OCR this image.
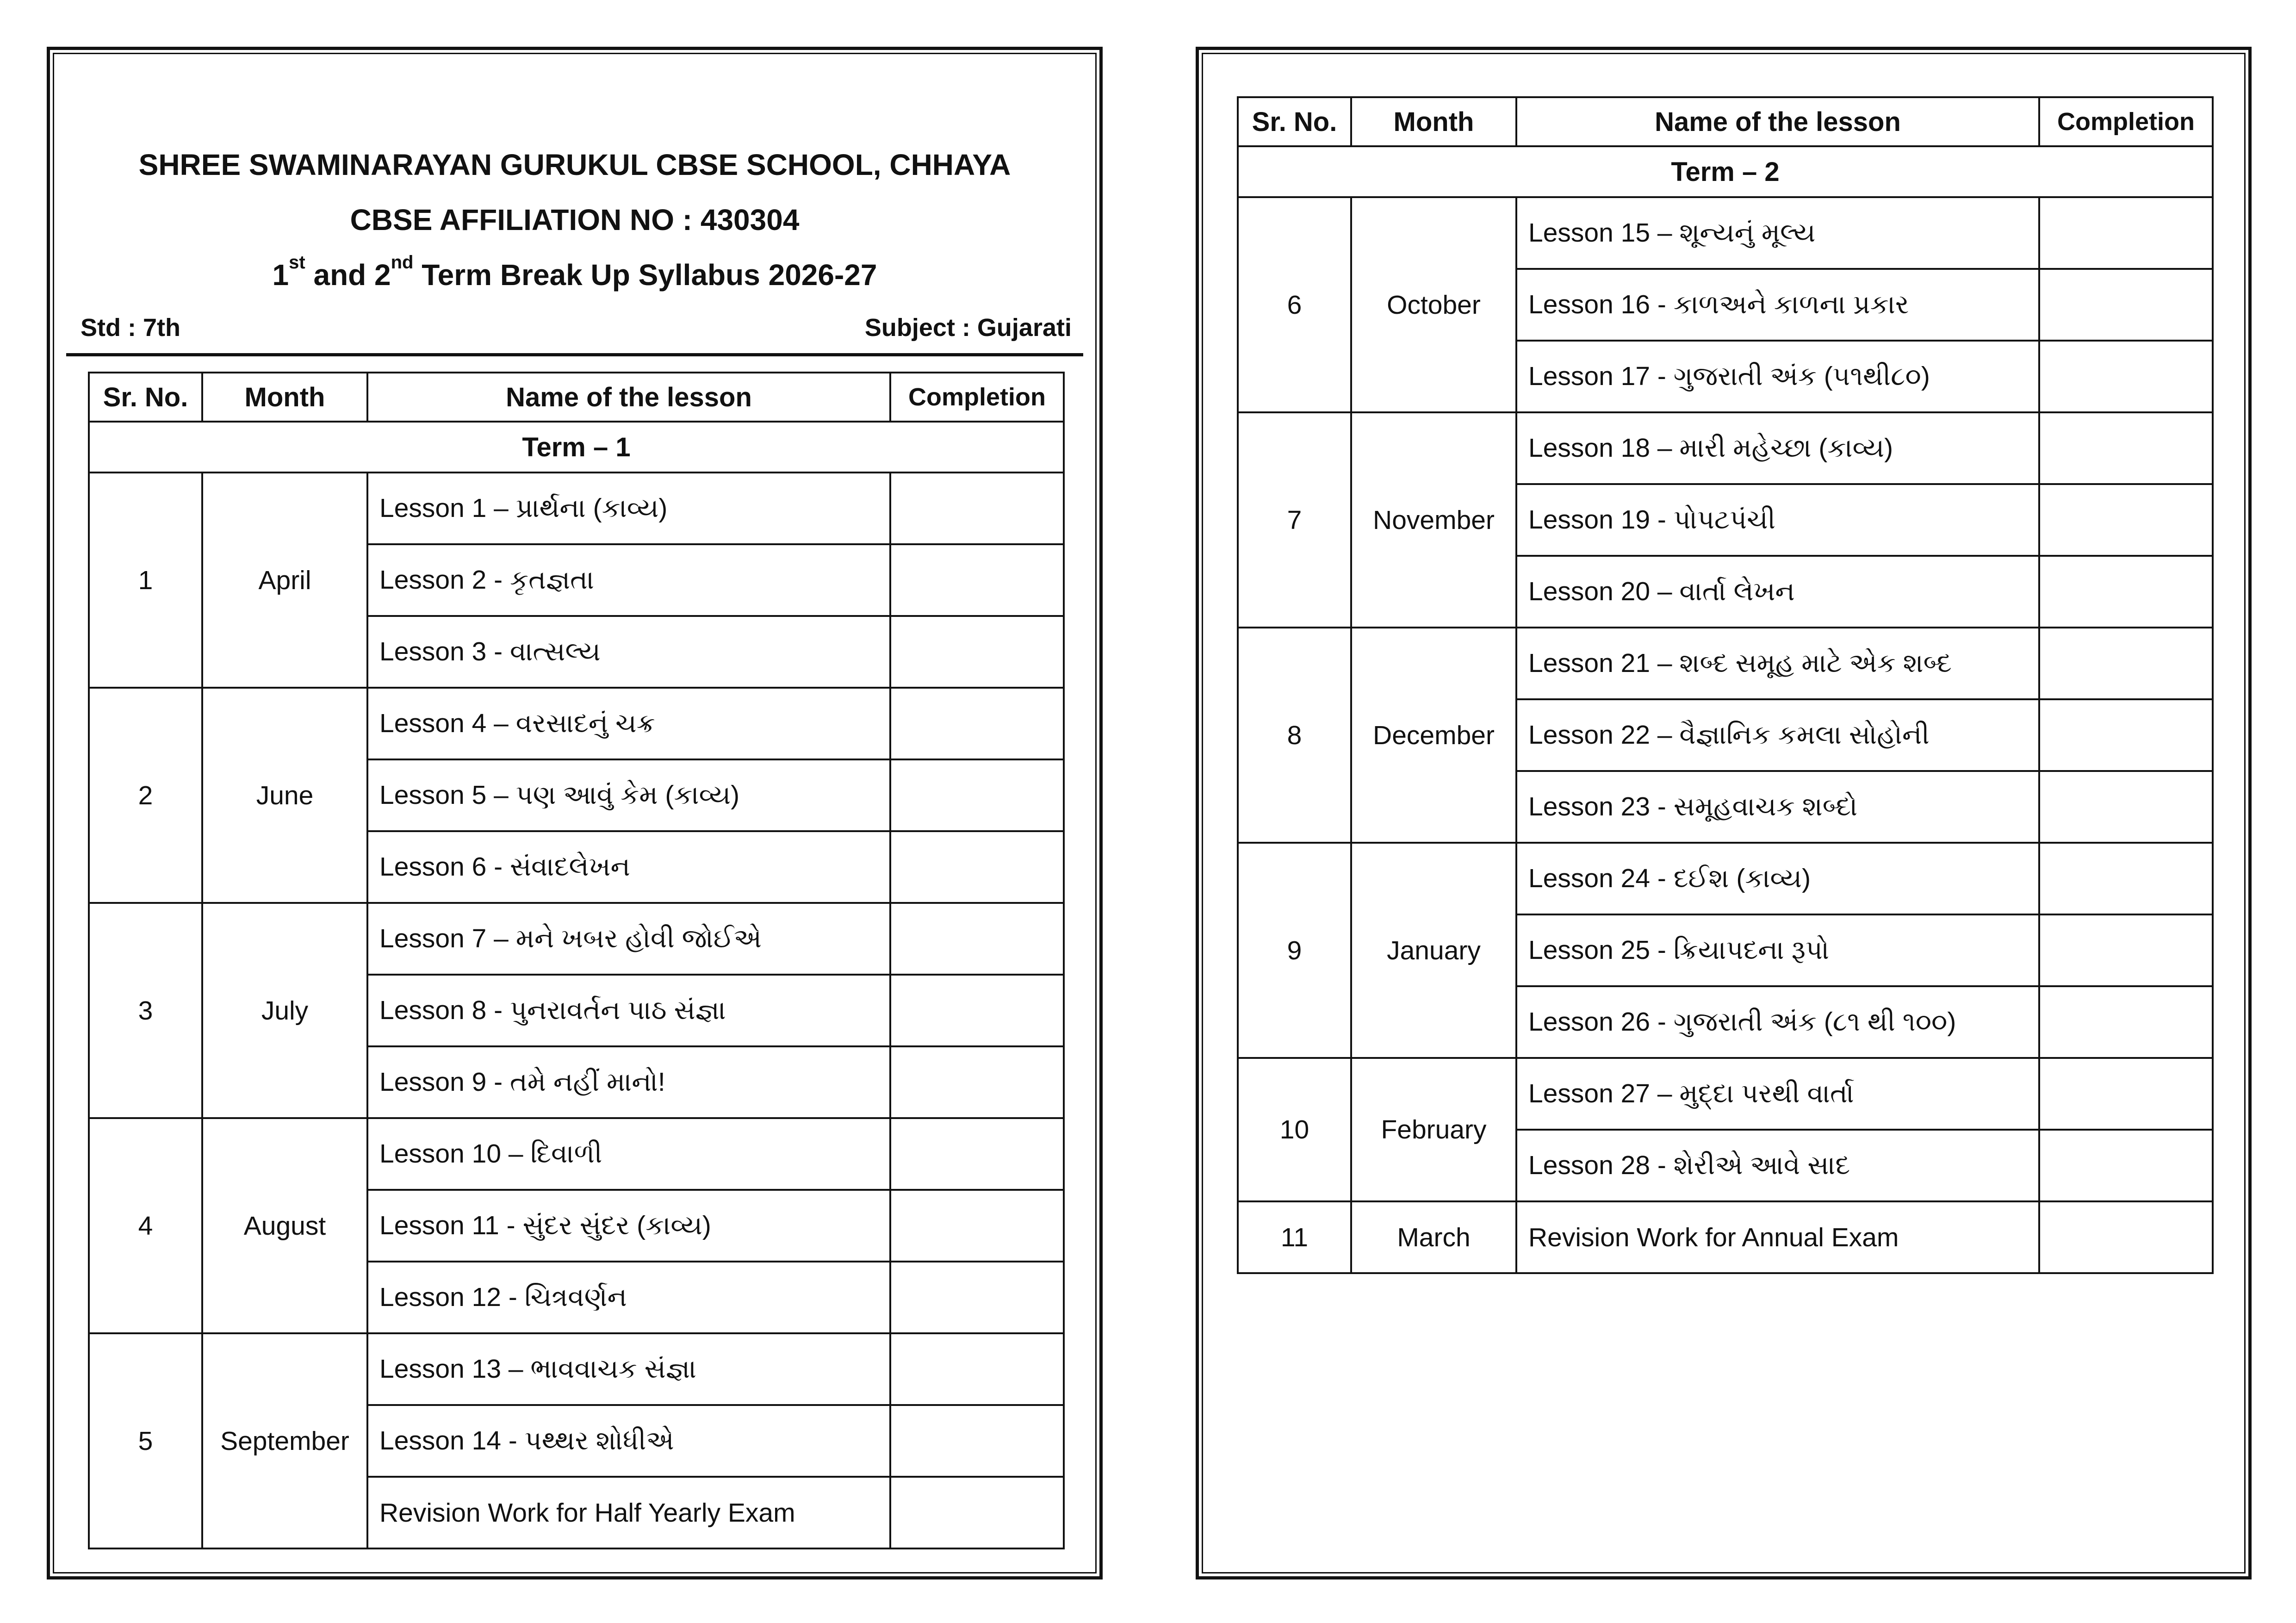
SHREE SWAMINARAYAN GURUKUL CBSE SCHOOL, CHHAYA
CBSE AFFILIATION NO : 430304
1st and 2nd Term Break Up Syllabus 2026-27
Std : 7th	Subject : Gujarati
Sr. No.	Month	Name of the lesson	Completion
Term – 1			
1	April	Lesson 1 – પ્રાર્થના (કાવ્ય)	
		Lesson 2 - કૃતજ્ઞતા	
		Lesson 3 - વાત્સલ્ય	
2	June	Lesson 4 – વરસાદનું ચક્ર	
		Lesson 5 – પણ આવું કેમ (કાવ્ય)	
		Lesson 6 - સંવાદલેખન	
3	July	Lesson 7 – મને ખબર હોવી જોઈએ	
		Lesson 8 - પુનરાવર્તન પાઠ સંજ્ઞા	
		Lesson 9 - તમે નહીં માનો!	
4	August	Lesson 10 – દિવાળી	
		Lesson 11 - સુંદર સુંદર (કાવ્ય)	
		Lesson 12 - ચિત્રવર્ણન	
5	September	Lesson 13 – ભાવવાચક સંજ્ઞા	
		Lesson 14 - પથ્થર શોધીએ	
		Revision Work for Half Yearly Exam	
Sr. No.	Month	Name of the lesson	Completion
Term – 2			
6	October	Lesson 15 – શૂન્યનું મૂલ્ય	
		Lesson 16 - કાળઅને કાળના પ્રકાર	
		Lesson 17 - ગુજરાતી અંક (૫૧થી૮૦)	
7	November	Lesson 18 – મારી મહેચ્છા (કાવ્ય)	
		Lesson 19 - પોપટપંચી	
		Lesson 20 – વાર્તા લેખન	
8	December	Lesson 21 – શબ્દ સમૂહ માટે એક શબ્દ	
		Lesson 22 – વૈજ્ઞાનિક કમલા સોહોની	
		Lesson 23 - સમૂહવાચક શબ્દો	
9	January	Lesson 24 - દઈશ (કાવ્ય)	
		Lesson 25 - ક્રિયાપદના રૂપો	
		Lesson 26 - ગુજરાતી અંક (૮૧ થી ૧૦૦)	
10	February	Lesson 27 – મુદ્દા પરથી વાર્તા	
		Lesson 28 - શેરીએ આવે સાદ	
11	March	Revision Work for Annual Exam	
